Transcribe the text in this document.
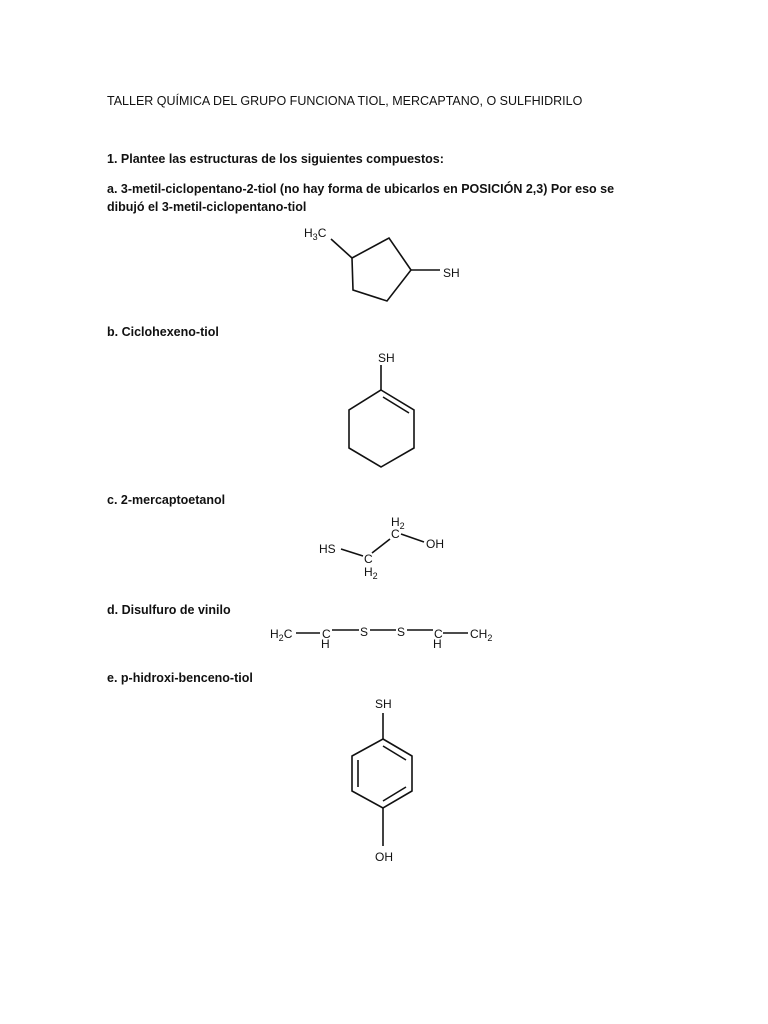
TALLER QUÍMICA DEL GRUPO FUNCIONA TIOL, MERCAPTANO, O SULFHIDRILO

1. Plantee las estructuras de los siguientes compuestos:

a. 3-metil-ciclopentano-2-tiol (no hay forma de ubicarlos en POSICIÓN 2,3) Por eso se dibujó el 3-metil-ciclopentano-tiol

b. Ciclohexeno-tiol

c. 2-mercaptoetanol

d. Disulfuro de vinilo

e. p-hidroxi-benceno-tiol

$H_3C$
SH
SH
HS
C
$H_2$
C
$H_2$
OH
$H_2C$ C
H
S S C
H
$CH_2$
SH
OH
